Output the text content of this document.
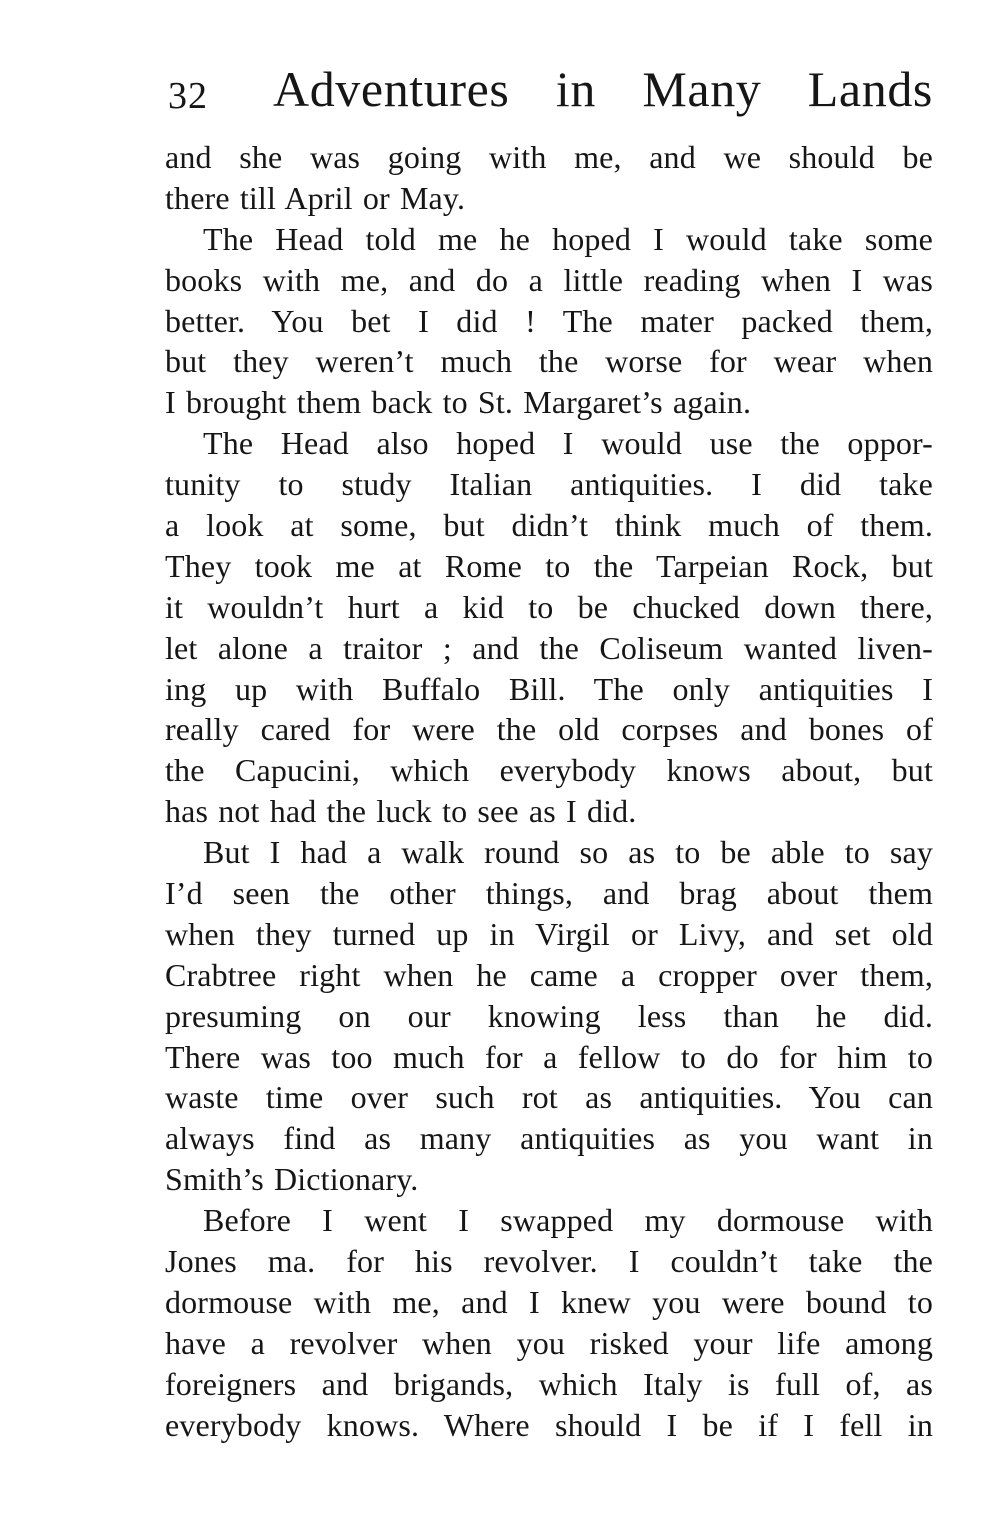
32 Adventures in Many Lands
and she was going with me, and we should be
there till April or May.
The Head told me he hoped I would take some
books with me, and do a little reading when I was
better. You bet I did ! The mater packed them,
but they weren’t much the worse for wear when
I brought them back to St. Margaret’s again.
The Head also hoped I would use the oppor-
tunity to study Italian antiquities. I did take
a look at some, but didn’t think much of them.
They took me at Rome to the Tarpeian Rock, but
it wouldn’t hurt a kid to be chucked down there,
let alone a traitor ; and the Coliseum wanted liven-
ing up with Buffalo Bill. The only antiquities I
really cared for were the old corpses and bones of
the Capucini, which everybody knows about, but
has not had the luck to see as I did.
But I had a walk round so as to be able to say
I’d seen the other things, and brag about them
when they turned up in Virgil or Livy, and set old
Crabtree right when he came a cropper over them,
presuming on our knowing less than he did.
There was too much for a fellow to do for him to
waste time over such rot as antiquities. You can
always find as many antiquities as you want in
Smith’s Dictionary.
Before I went I swapped my dormouse with
Jones ma. for his revolver. I couldn’t take the
dormouse with me, and I knew you were bound to
have a revolver when you risked your life among
foreigners and brigands, which Italy is full of, as
everybody knows. Where should I be if I fell in
